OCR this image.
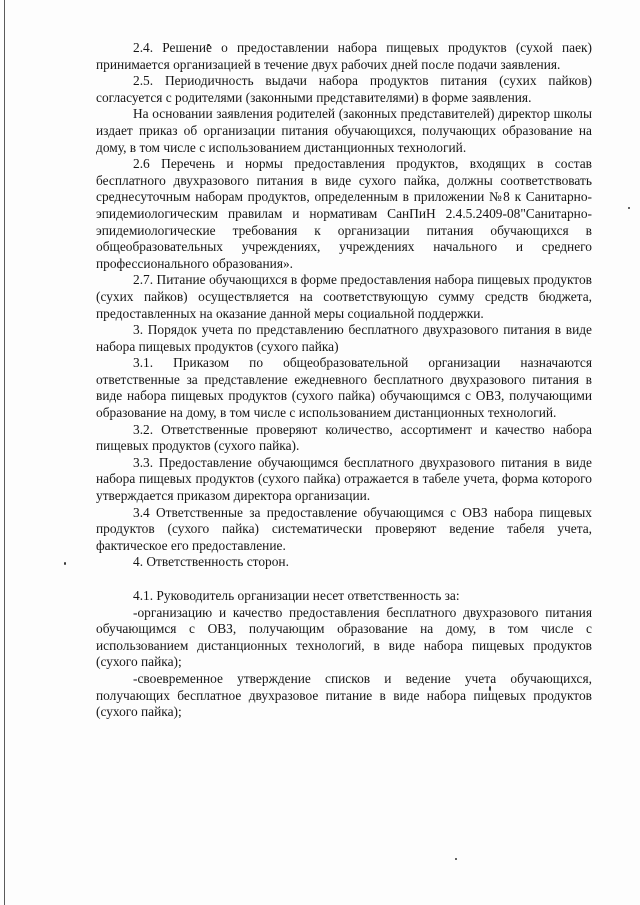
2.4. Решение о предоставлении набора пищевых продуктов (сухой паек) принимается организацией в течение двух рабочих дней после подачи заявления.

2.5. Периодичность выдачи набора продуктов питания (сухих пайков) согласуется с родителями (законными представителями) в форме заявления.

На основании заявления родителей (законных представителей) директор школы издает приказ об организации питания обучающихся, получающих образование на дому, в том числе с использованием дистанционных технологий.

2.6 Перечень и нормы предоставления продуктов, входящих в состав бесплатного двухразового питания в виде сухого пайка, должны соответствовать среднесуточным наборам продуктов, определенным в приложении №8 к Санитарно-эпидемиологическим правилам и нормативам СанПиН 2.4.5.2409-08"Санитарно-эпидемиологические требования к организации питания обучающихся в общеобразовательных учреждениях, учреждениях начального и среднего профессионального образования».

2.7. Питание обучающихся в форме предоставления набора пищевых продуктов (сухих пайков) осуществляется на соответствующую сумму средств бюджета, предоставленных на оказание данной меры социальной поддержки.

3. Порядок учета по представлению бесплатного двухразового питания в виде набора пищевых продуктов (сухого пайка)

3.1. Приказом по общеобразовательной организации назначаются ответственные за представление ежедневного бесплатного двухразового питания в виде набора пищевых продуктов (сухого пайка) обучающимся с ОВЗ, получающими образование на дому, в том числе с использованием дистанционных технологий.

3.2. Ответственные проверяют количество, ассортимент и качество набора пищевых продуктов (сухого пайка).

3.3. Предоставление обучающимся бесплатного двухразового питания в виде набора пищевых продуктов (сухого пайка) отражается в табеле учета, форма которого утверждается приказом директора организации.

3.4 Ответственные за предоставление обучающимся с ОВЗ набора пищевых продуктов (сухого пайка) систематически проверяют ведение табеля учета, фактическое его предоставление.

4. Ответственность сторон.

4.1. Руководитель организации несет ответственность за:

-организацию и качество предоставления бесплатного двухразового питания обучающимся с ОВЗ, получающим образование на дому, в том числе с использованием дистанционных технологий, в виде набора пищевых продуктов (сухого пайка);

-своевременное утверждение списков и ведение учета обучающихся, получающих бесплатное двухразовое питание в виде набора пищевых продуктов (сухого пайка);
